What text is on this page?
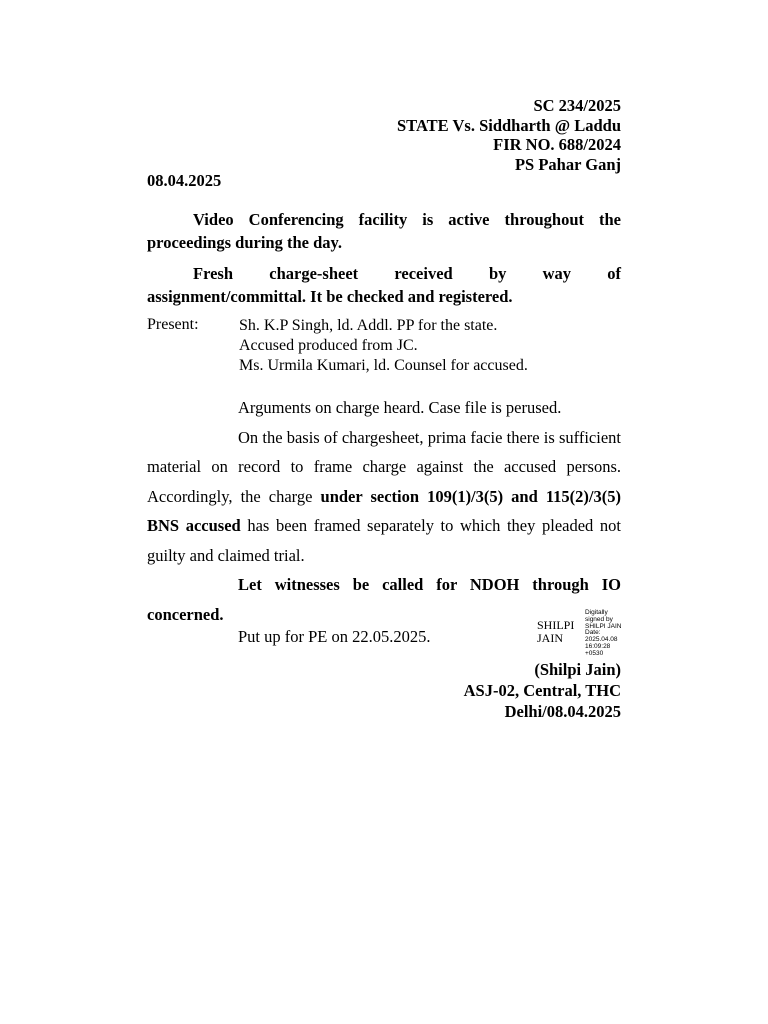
SC 234/2025
STATE Vs. Siddharth @ Laddu
FIR NO. 688/2024
PS Pahar Ganj
08.04.2025
Video Conferencing facility is active throughout the proceedings during the day.
Fresh charge-sheet received by way of assignment/committal. It be checked and registered.
Present:	Sh. K.P Singh, ld. Addl. PP for the state.
Accused produced from JC.
Ms. Urmila Kumari, ld. Counsel for accused.

Arguments on charge heard. Case file is perused.

On the basis of chargesheet, prima facie there is sufficient material on record to frame charge against the accused persons. Accordingly, the charge under section 109(1)/3(5) and 115(2)/3(5) BNS accused has been framed separately to which they pleaded not guilty and claimed trial.

Let witnesses be called for NDOH through IO concerned.

Put up for PE on 22.05.2025.
SHILPI
JAIN
Digitally
signed by
SHILPI JAIN
Date:
2025.04.08
16:09:28
+0530
(Shilpi Jain)
ASJ-02, Central, THC
Delhi/08.04.2025
